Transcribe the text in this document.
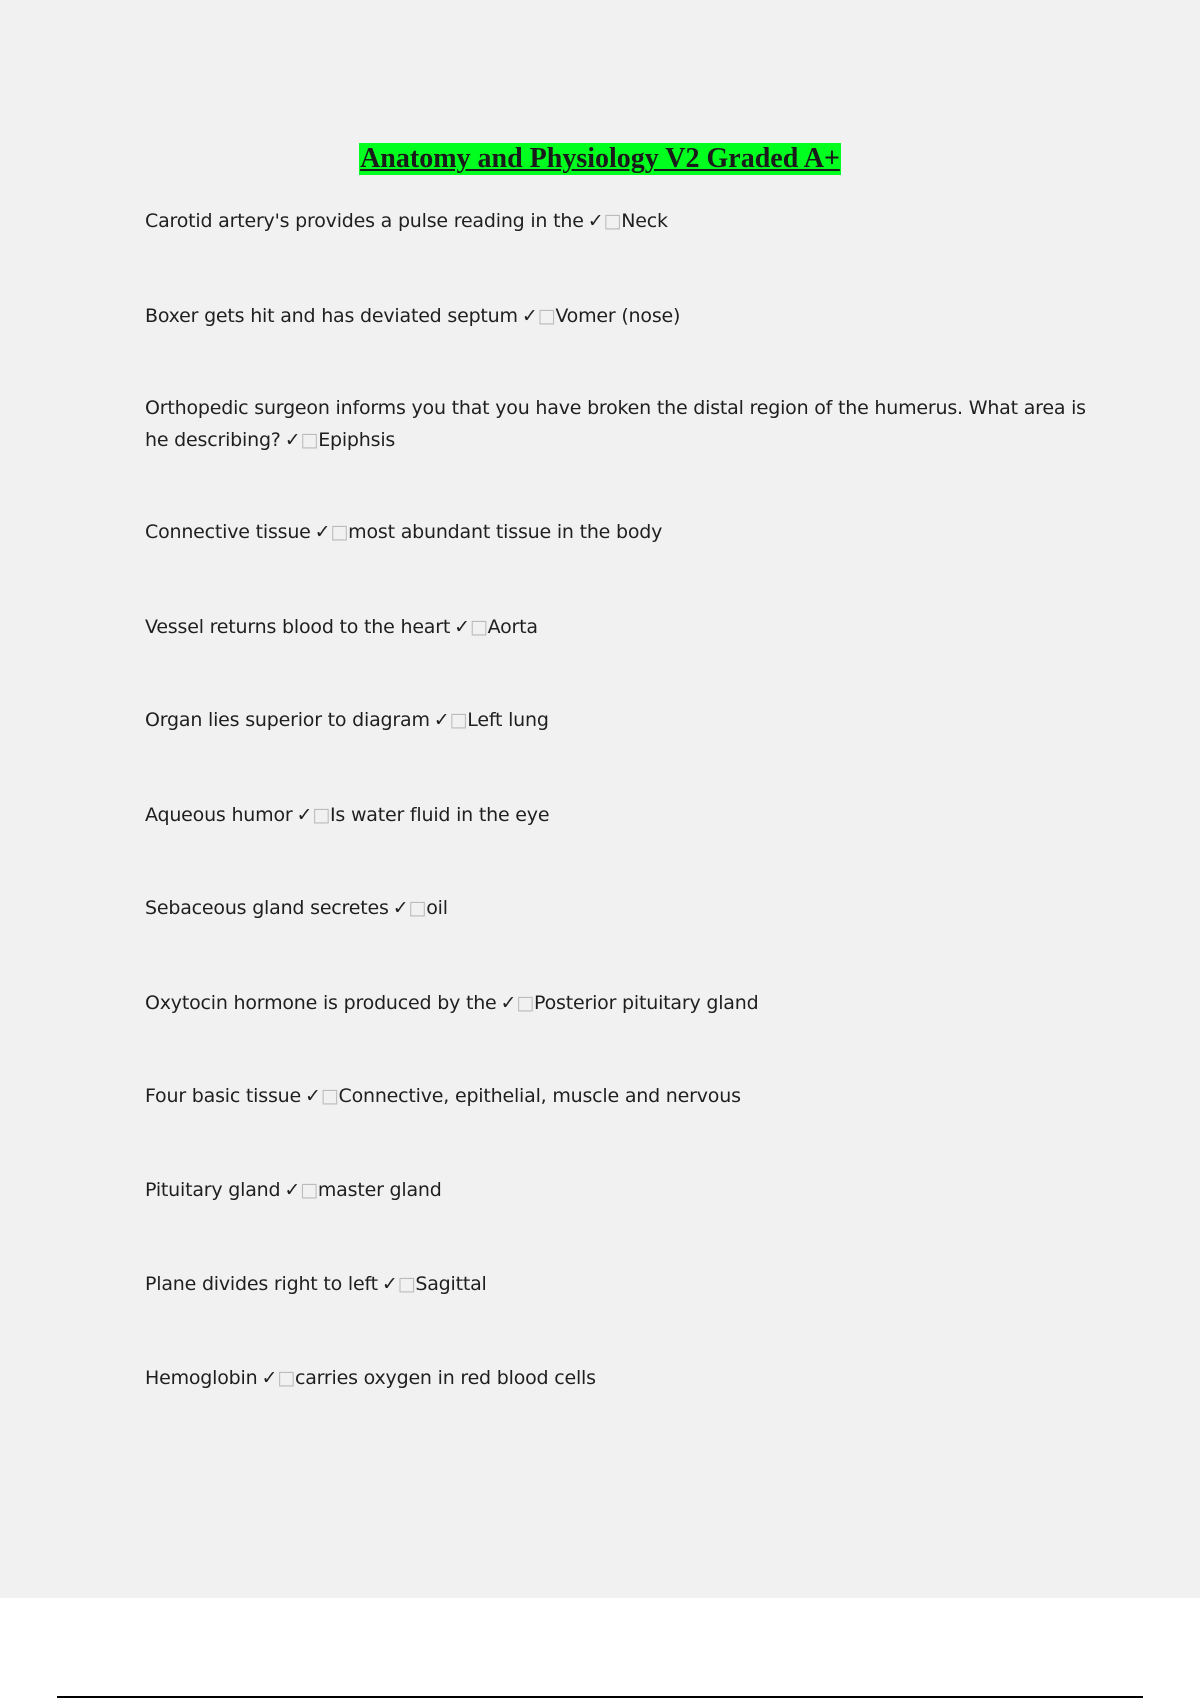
Anatomy and Physiology V2 Graded A+

Carotid artery's provides a pulse reading in the ✓□Neck

Boxer gets hit and has deviated septum ✓□Vomer (nose)

Orthopedic surgeon informs you that you have broken the distal region of the humerus. What area is he describing? ✓□Epiphsis

Connective tissue ✓□most abundant tissue in the body

Vessel returns blood to the heart ✓□Aorta

Organ lies superior to diagram ✓□Left lung

Aqueous humor ✓□Is water fluid in the eye

Sebaceous gland secretes ✓□oil

Oxytocin hormone is produced by the ✓□Posterior pituitary gland

Four basic tissue ✓□Connective, epithelial, muscle and nervous

Pituitary gland ✓□master gland

Plane divides right to left ✓□Sagittal

Hemoglobin ✓□carries oxygen in red blood cells
